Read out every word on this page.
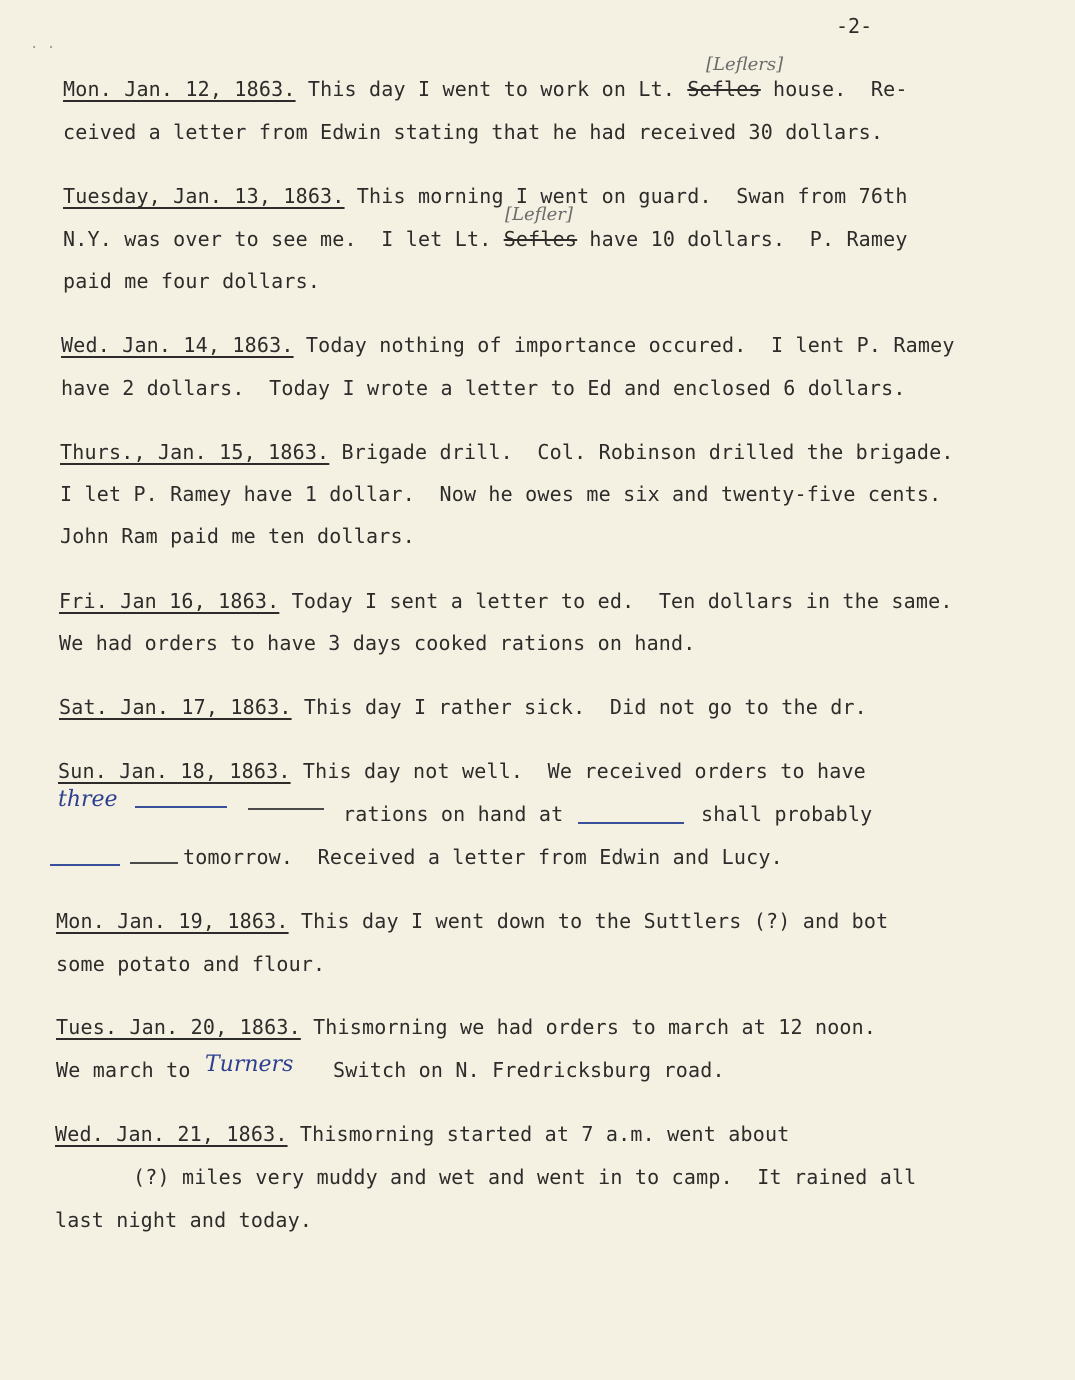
-2-
· ·
[Leflers]
Mon. Jan. 12, 1863. This day I went to work on Lt. Sefles house.  Re-
ceived a letter from Edwin stating that he had received 30 dollars.
Tuesday, Jan. 13, 1863. This morning I went on guard.  Swan from 76th
[Lefler]
N.Y. was over to see me.  I let Lt. Sefles have 10 dollars.  P. Ramey
paid me four dollars.
Wed. Jan. 14, 1863. Today nothing of importance occured.  I lent P. Ramey
have 2 dollars.  Today I wrote a letter to Ed and enclosed 6 dollars.
Thurs., Jan. 15, 1863. Brigade drill.  Col. Robinson drilled the brigade.
I let P. Ramey have 1 dollar.  Now he owes me six and twenty-five cents.
John Ram paid me ten dollars.
Fri. Jan 16, 1863. Today I sent a letter to ed.  Ten dollars in the same.
We had orders to have 3 days cooked rations on hand.
Sat. Jan. 17, 1863. This day I rather sick.  Did not go to the dr.
Sun. Jan. 18, 1863. This day not well.  We received orders to have
three
rations on hand at	shall probably
tomorrow.  Received a letter from Edwin and Lucy.
Mon. Jan. 19, 1863. This day I went down to the Suttlers (?) and bot
some potato and flour.
Tues. Jan. 20, 1863. Thismorning we had orders to march at 12 noon.
We march to Turners Switch on N. Fredricksburg road.
Wed. Jan. 21, 1863. Thismorning started at 7 a.m. went about
(?) miles very muddy and wet and went in to camp.  It rained all
last night and today.
